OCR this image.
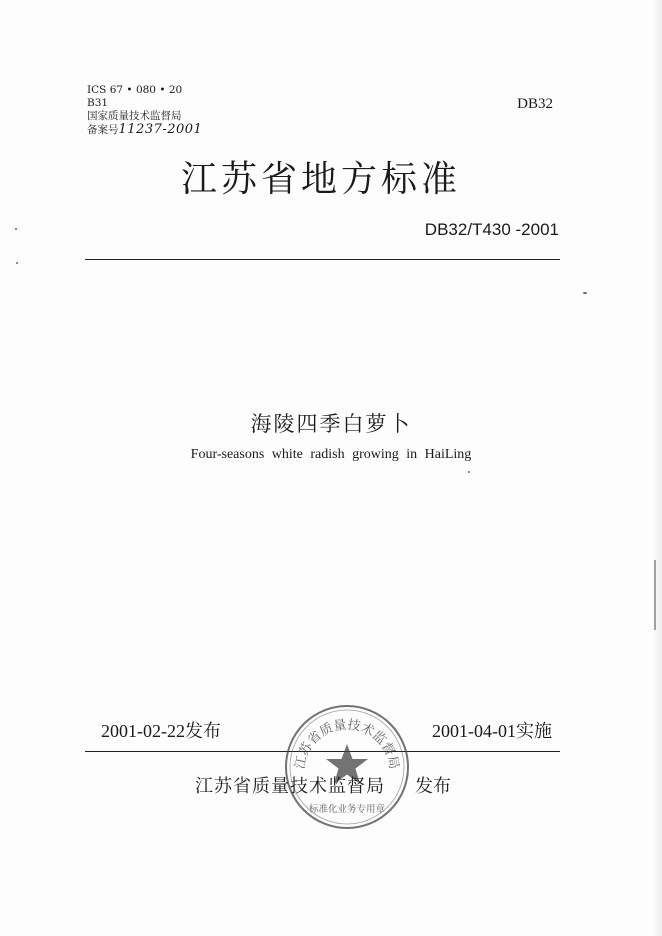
ICS 67 • 080 • 20
B31
国家质量技术监督局
备案号11237-2001
DB32
江苏省地方标准
DB32/T430 -2001
海陵四季白萝卜
Four-seasons white radish growing in HaiLing
2001-02-22发布	2001-04-01实施
江苏省质量技术监督局
标准化业务专用章
江苏省质量技术监督局 发布
